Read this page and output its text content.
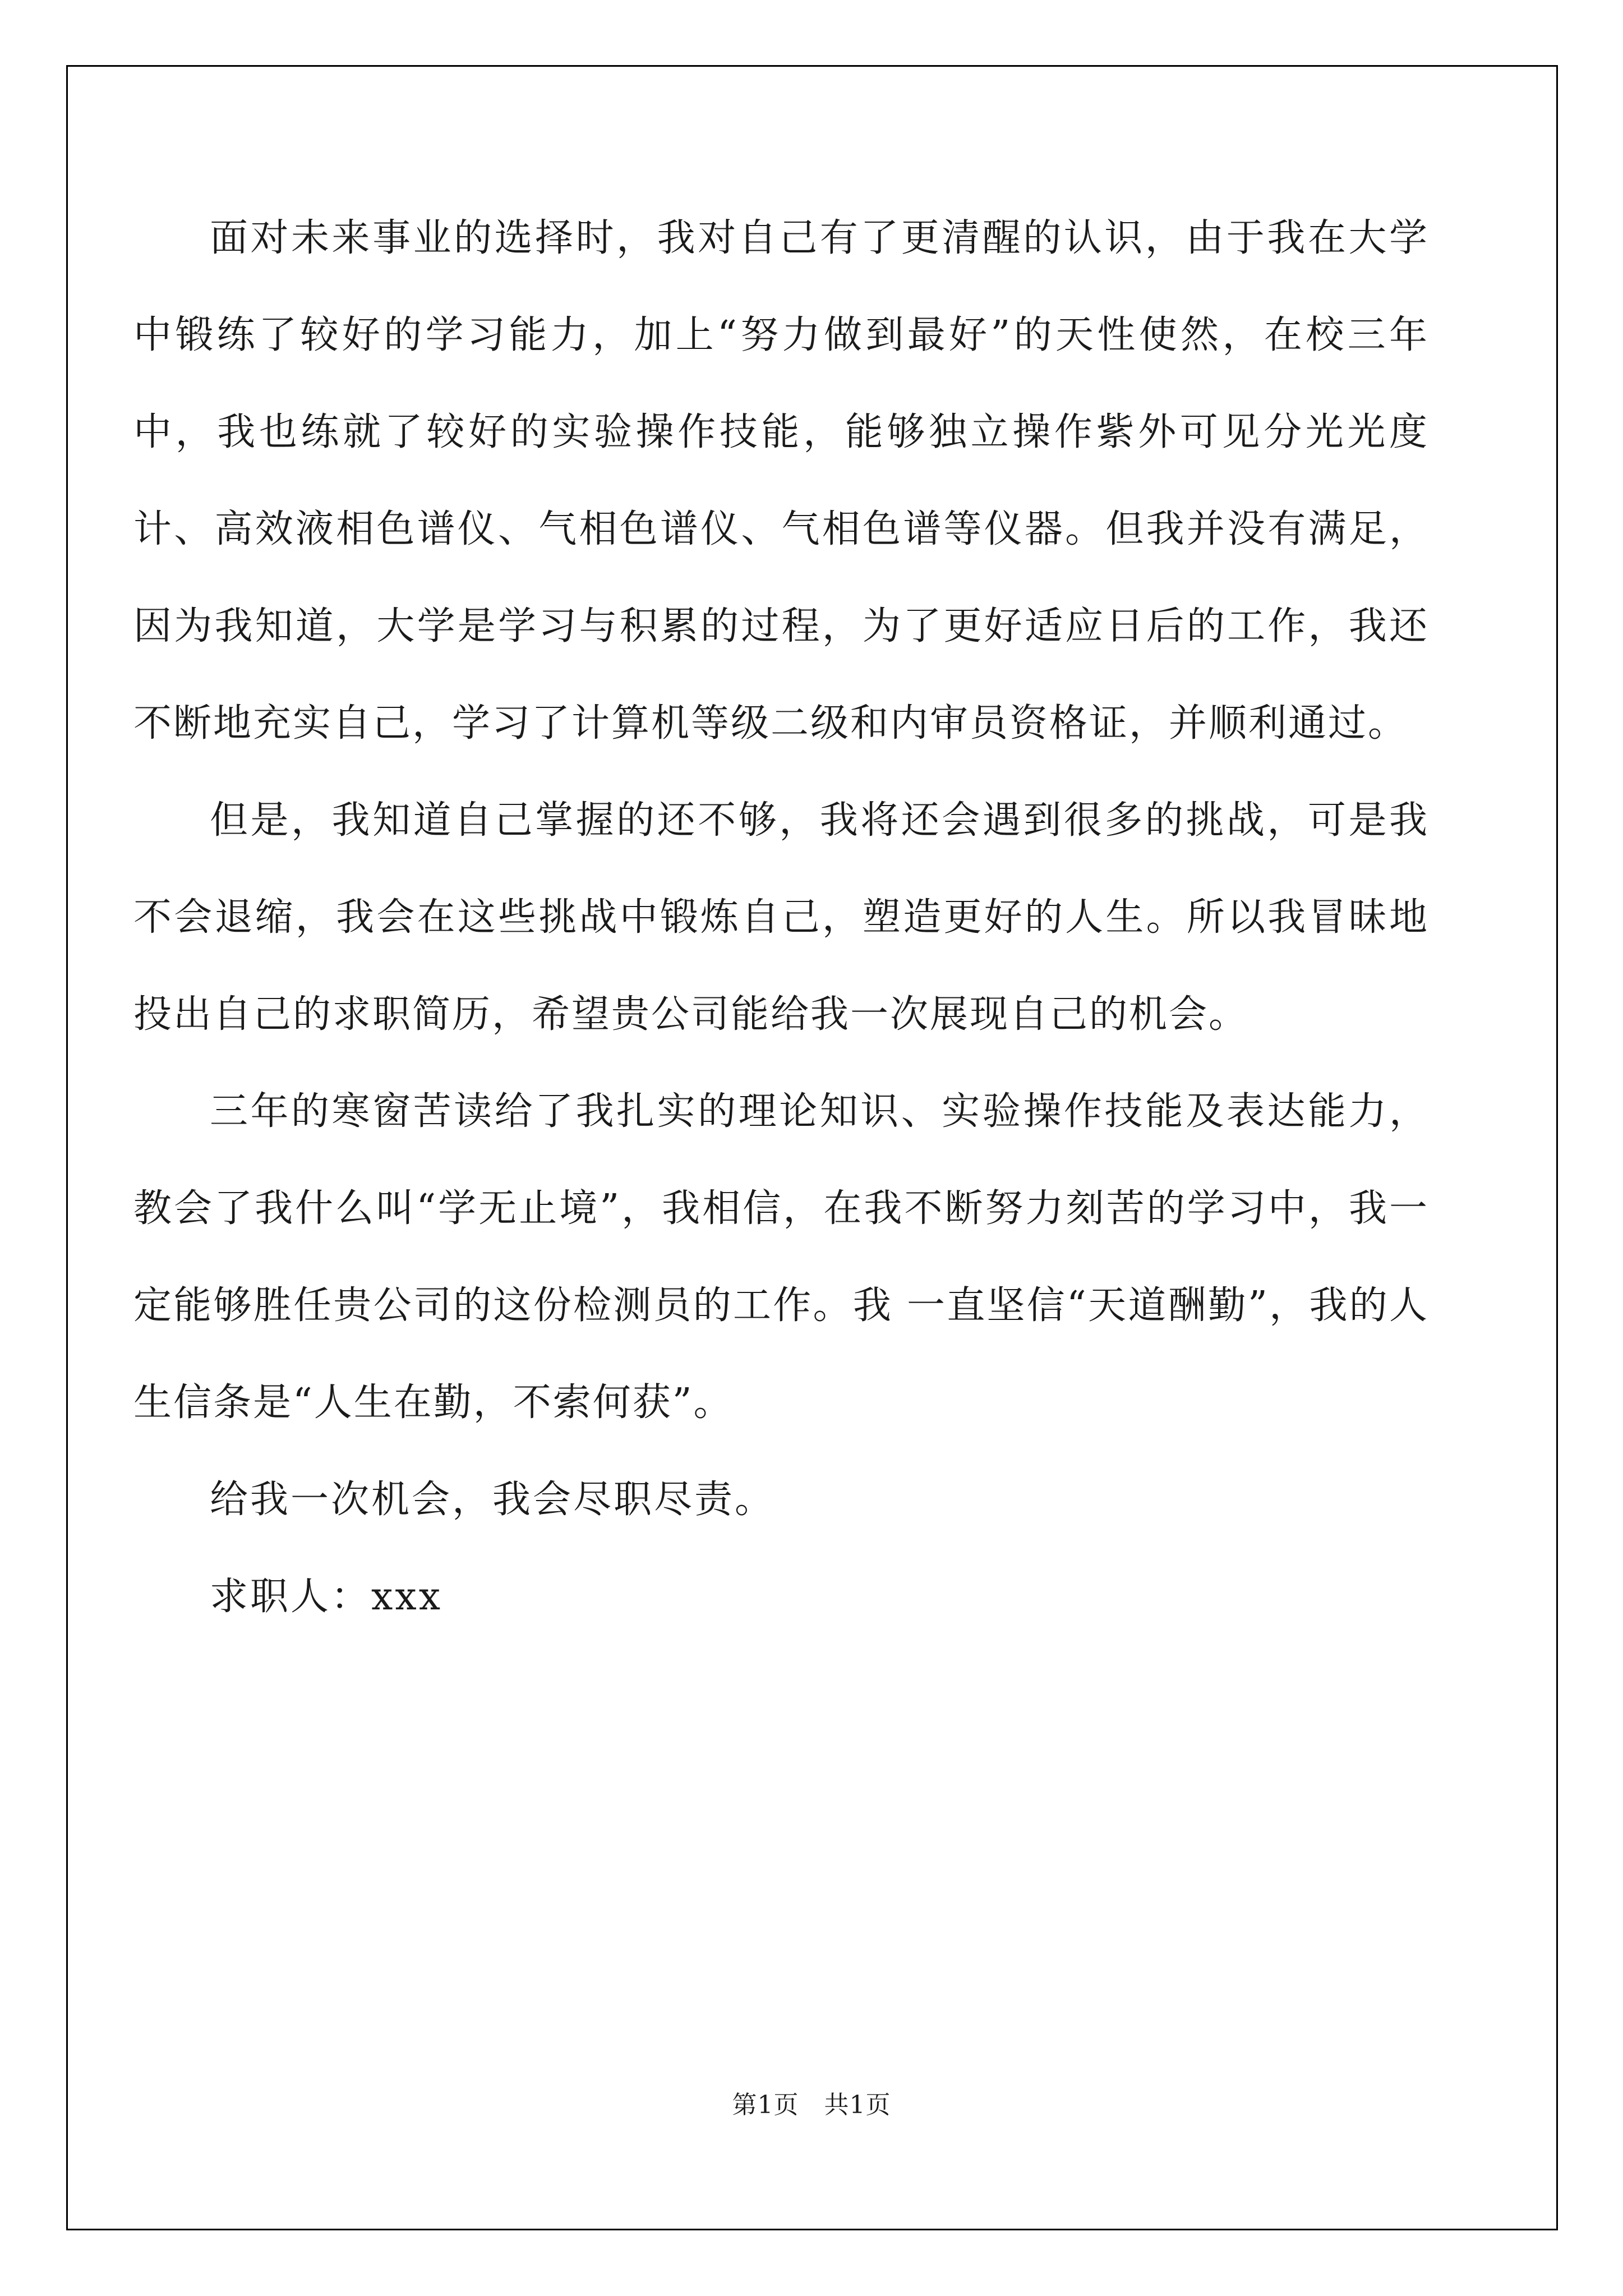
面对未来事业的选择时，我对自己有了更清醒的认识，由于我在大学中锻练了较好的学习能力，加上“努力做到最好”的天性使然，在校三年中，我也练就了较好的实验操作技能，能够独立操作紫外可见分光光度计、高效液相色谱仪、气相色谱仪、气相色谱等仪器。但我并没有满足，因为我知道，大学是学习与积累的过程，为了更好适应日后的工作，我还不断地充实自己，学习了计算机等级二级和内审员资格证，并顺利通过。

但是，我知道自己掌握的还不够，我将还会遇到很多的挑战，可是我不会退缩，我会在这些挑战中锻炼自己，塑造更好的人生。所以我冒昧地投出自己的求职简历，希望贵公司能给我一次展现自己的机会。

三年的寒窗苦读给了我扎实的理论知识、实验操作技能及表达能力，教会了我什么叫“学无止境”，我相信，在我不断努力刻苦的学习中，我一定能够胜任贵公司的这份检测员的工作。我 一直坚信“天道酬勤”，我的人生信条是“人生在勤，不索何获”。

给我一次机会，我会尽职尽责。

求职人：xxx

第1页　共1页
